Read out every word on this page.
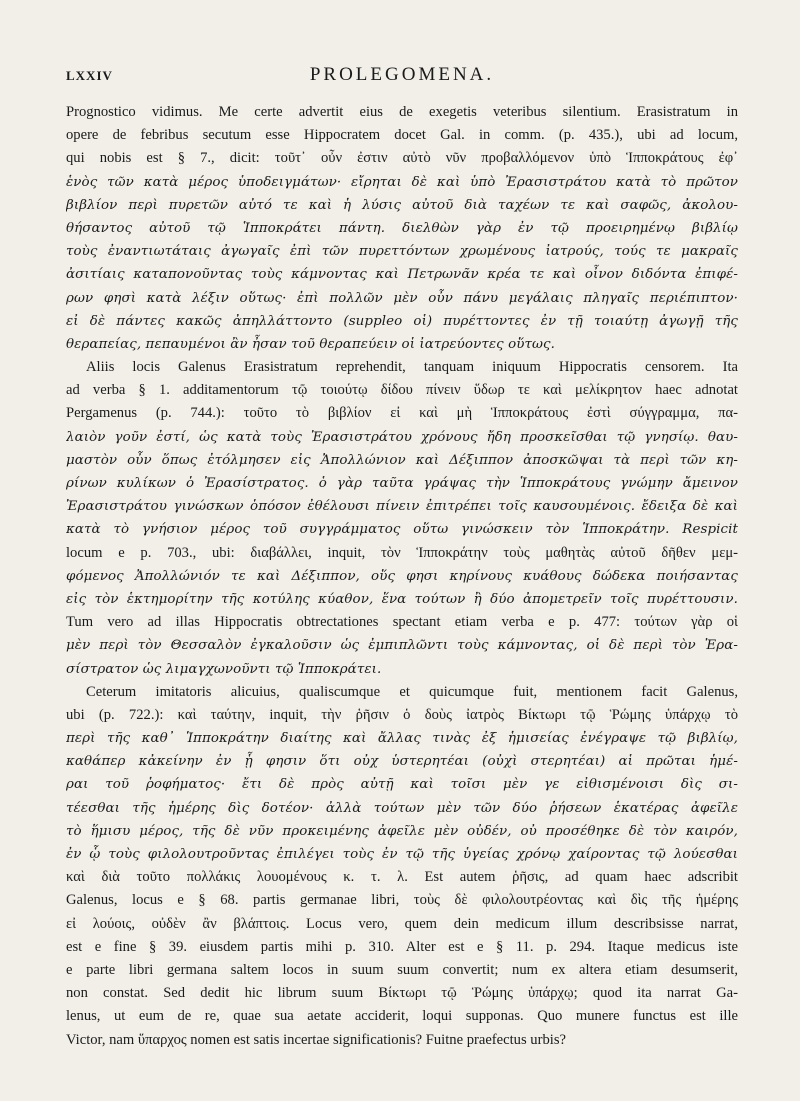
LXXIV	PROLEGOMENA.
Prognostico vidimus. Me certe advertit eius de exegetis veteribus silentium. Erasistratum in
opere de febribus secutum esse Hippocratem docet Gal. in comm. (p. 435.), ubi ad locum,
qui nobis est § 7., dicit: τοῦτ᾽ οὖν ἐστιν αὐτὸ νῦν προβαλλόμενον ὑπὸ Ἱπποκράτους ἐφ᾽
ἑνὸς τῶν κατὰ μέρος ὑποδειγμάτων· εἴρηται δὲ καὶ ὑπὸ Ἐρασιστράτου κατὰ τὸ πρῶτον
βιβλίον περὶ πυρετῶν αὐτό τε καὶ ἡ λύσις αὐτοῦ διὰ ταχέων τε καὶ σαφῶς, ἀκολου-
θήσαντος αὐτοῦ τῷ Ἱπποκράτει πάντη. διελθὼν γὰρ ἐν τῷ προειρημένῳ βιβλίῳ
τοὺς ἐναντιωτάταις ἀγωγαῖς ἐπὶ τῶν πυρεττόντων χρωμένους ἰατρούς, τούς τε μακραῖς
ἀσιτίαις καταπονοῦντας τοὺς κάμνοντας καὶ Πετρωνᾶν κρέα τε καὶ οἶνον διδόντα ἐπιφέ-
ρων φησὶ κατὰ λέξιν οὕτως· ἐπὶ πολλῶν μὲν οὖν πάνυ μεγάλαις πληγαῖς περιέπιπτον·
εἰ δὲ πάντες κακῶς ἀπηλλάττοντο (suppleo οἱ) πυρέττοντες ἐν τῇ τοιαύτῃ ἀγωγῇ τῆς
θεραπείας, πεπαυμένοι ἂν ἦσαν τοῦ θεραπεύειν οἱ ἰατρεύοντες οὕτως.
Aliis locis Galenus Erasistratum reprehendit, tanquam iniquum Hippocratis censorem. Ita
ad verba § 1. additamentorum τῷ τοιούτῳ δίδου πίνειν ὕδωρ τε καὶ μελίκρητον haec adnotat
Pergamenus (p. 744.): τοῦτο τὸ βιβλίον εἰ καὶ μὴ Ἱπποκράτους ἐστὶ σύγγραμμα, πα-
λαιὸν γοῦν ἐστί, ὡς κατὰ τοὺς Ἐρασιστράτου χρόνους ἤδη προσκεῖσθαι τῷ γνησίῳ. θαυ-
μαστὸν οὖν ὅπως ἐτόλμησεν εἰς Ἀπολλώνιον καὶ Δέξιππον ἀποσκῶψαι τὰ περὶ τῶν κη-
ρίνων κυλίκων ὁ Ἐρασίστρατος. ὁ γὰρ ταῦτα γράψας τὴν Ἱπποκράτους γνώμην ἄμεινον
Ἐρασιστράτου γινώσκων ὁπόσον ἐθέλουσι πίνειν ἐπιτρέπει τοῖς καυσουμένοις. ἔδειξα δὲ καὶ
κατὰ τὸ γνήσιον μέρος τοῦ συγγράμματος οὕτω γινώσκειν τὸν Ἱπποκράτην. Respicit
locum e p. 703., ubi: διαβάλλει, inquit, τὸν Ἱπποκράτην τοὺς μαθητὰς αὐτοῦ δῆθεν μεμ-
φόμενος Ἀπολλώνιόν τε καὶ Δέξιππον, οὕς φησι κηρίνους κυάθους δώδεκα ποιήσαντας
εἰς τὸν ἑκτημορίτην τῆς κοτύλης κύαθον, ἕνα τούτων ἢ δύο ἀπομετρεῖν τοῖς πυρέττουσιν.
Tum vero ad illas Hippocratis obtrectationes spectant etiam verba e p. 477: τούτων γὰρ οἱ
μὲν περὶ τὸν Θεσσαλὸν ἐγκαλοῦσιν ὡς ἐμπιπλῶντι τοὺς κάμνοντας, οἱ δὲ περὶ τὸν Ἐρα-
σίστρατον ὡς λιμαγχωνοῦντι τῷ Ἱπποκράτει.
Ceterum imitatoris alicuius, qualiscumque et quicumque fuit, mentionem facit Galenus,
ubi (p. 722.): καὶ ταύτην, inquit, τὴν ῥῆσιν ὁ δοὺς ἰατρὸς Βίκτωρι τῷ Ῥώμης ὑπάρχῳ τὸ
περὶ τῆς καθ᾽ Ἱπποκράτην διαίτης καὶ ἄλλας τινὰς ἐξ ἡμισείας ἐνέγραψε τῷ βιβλίῳ,
καθάπερ κἀκείνην ἐν ᾗ φησιν ὅτι οὐχ ὑστερητέαι (οὐχὶ στερητέαι) αἱ πρῶται ἡμέ-
ραι τοῦ ῥοφήματος· ἔτι δὲ πρὸς αὐτῇ καὶ τοῖσι μὲν γε εἰθισμένοισι δὶς σι-
τέεσθαι τῆς ἡμέρης δὶς δοτέον· ἀλλὰ τούτων μὲν τῶν δύο ῥήσεων ἑκατέρας ἀφεῖλε
τὸ ἥμισυ μέρος, τῆς δὲ νῦν προκειμένης ἀφεῖλε μὲν οὐδέν, οὐ προσέθηκε δὲ τὸν καιρόν,
ἐν ᾧ τοὺς φιλολουτροῦντας ἐπιλέγει τοὺς ἐν τῷ τῆς ὑγείας χρόνῳ χαίροντας τῷ λούεσθαι
καὶ διὰ τοῦτο πολλάκις λουομένους κ. τ. λ. Est autem ῥῆσις, ad quam haec adscribit
Galenus, locus e § 68. partis germanae libri, τοὺς δὲ φιλολουτρέοντας καὶ δὶς τῆς ἡμέρης
εἰ λούοις, οὐδὲν ἂν βλάπτοις. Locus vero, quem dein medicum illum describsisse narrat,
est e fine § 39. eiusdem partis mihi p. 310. Alter est e § 11. p. 294. Itaque medicus iste
e parte libri germana saltem locos in suum suum convertit; num ex altera etiam desumserit,
non constat. Sed dedit hic librum suum Βίκτωρι τῷ Ῥώμης ὑπάρχῳ; quod ita narrat Ga-
lenus, ut eum de re, quae sua aetate acciderit, loqui supponas. Quo munere functus est ille
Victor, nam ὕπαρχος nomen est satis incertae significationis? Fuitne praefectus urbis?
